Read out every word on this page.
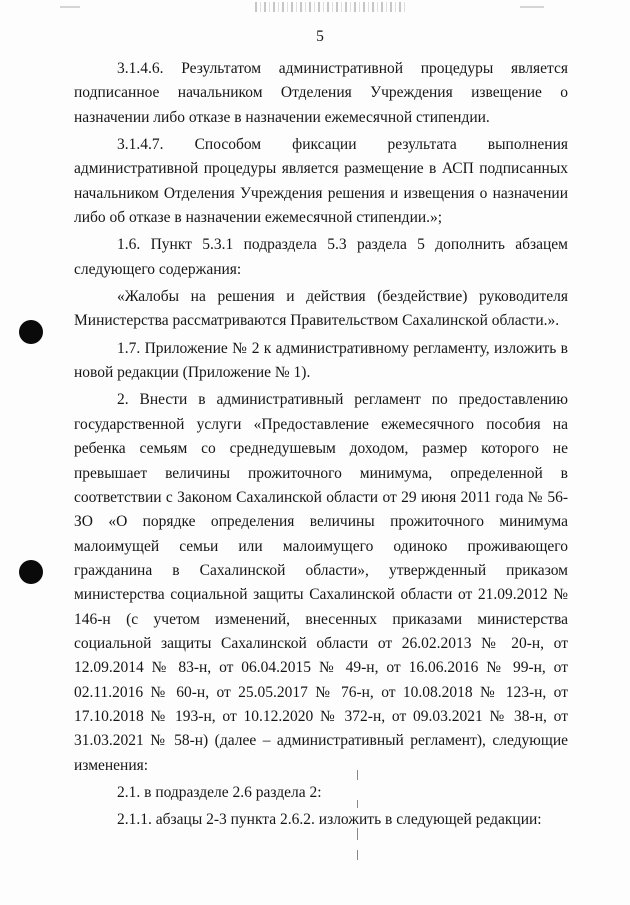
5

3.1.4.6. Результатом административной процедуры является подписанное начальником Отделения Учреждения извещение о назначении либо отказе в назначении ежемесячной стипендии.

3.1.4.7. Способом фиксации результата выполнения административной процедуры является размещение в АСП подписанных начальником Отделения Учреждения решения и извещения о назначении либо об отказе в назначении ежемесячной стипендии.»;

1.6. Пункт 5.3.1 подраздела 5.3 раздела 5 дополнить абзацем следующего содержания:

«Жалобы на решения и действия (бездействие) руководителя Министерства рассматриваются Правительством Сахалинской области.».

1.7. Приложение № 2 к административному регламенту, изложить в новой редакции (Приложение № 1).

2. Внести в административный регламент по предоставлению государственной услуги «Предоставление ежемесячного пособия на ребенка семьям со среднедушевым доходом, размер которого не превышает величины прожиточного минимума, определенной в соответствии с Законом Сахалинской области от 29 июня 2011 года № 56-ЗО «О порядке определения величины прожиточного минимума малоимущей семьи или малоимущего одиноко проживающего гражданина в Сахалинской области», утвержденный приказом министерства социальной защиты Сахалинской области от 21.09.2012 № 146-н (с учетом изменений, внесенных приказами министерства социальной защиты Сахалинской области от 26.02.2013 № 20-н, от 12.09.2014 № 83-н, от 06.04.2015 № 49-н, от 16.06.2016 № 99-н, от 02.11.2016 № 60-н, от 25.05.2017 № 76-н, от 10.08.2018 № 123-н, от 17.10.2018 № 193-н, от 10.12.2020 № 372-н, от 09.03.2021 № 38-н, от 31.03.2021 № 58-н) (далее – административный регламент), следующие изменения:

2.1. в подразделе 2.6 раздела 2:

2.1.1. абзацы 2-3 пункта 2.6.2. изложить в следующей редакции:
